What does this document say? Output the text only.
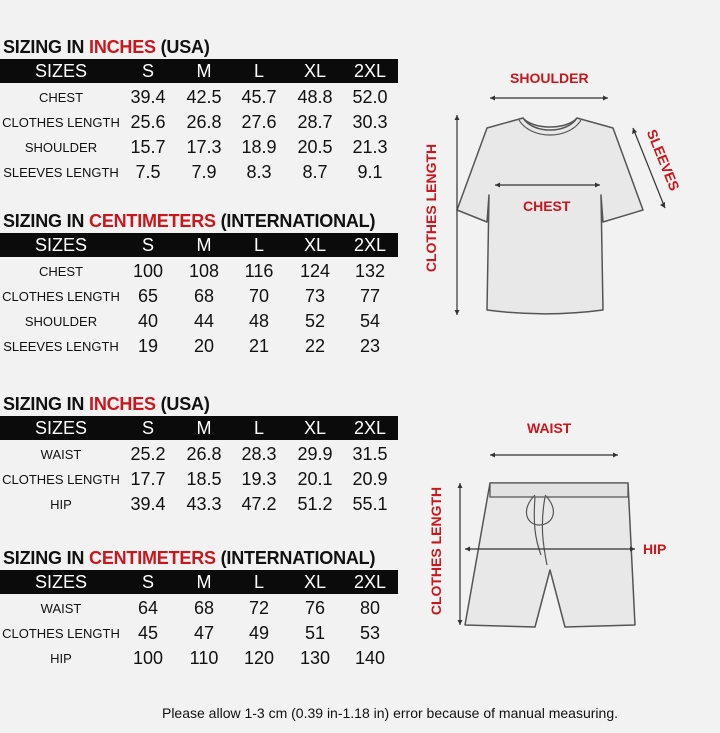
SIZING IN INCHES (USA)
SIZES	S	M	L	XL	2XL
CHEST	39.4	42.5	45.7	48.8	52.0
CLOTHES LENGTH 25.6	26.8	27.6	28.7	30.3
SHOULDER	15.7	17.3	18.9	20.5	21.3
SLEEVES LENGTH 7.5	7.9	8.3	8.7	9.1
SIZING IN CENTIMETERS (INTERNATIONAL)
SIZES	S	M	L	XL	2XL
CHEST	100	108	116	124	132
CLOTHES LENGTH	65	68	70	73	77
SHOULDER	40	44	48	52	54
SLEEVES LENGTH	19	20	21	22	23
SIZING IN INCHES (USA)
SIZES	S	M	L	XL	2XL
WAIST	25.2	26.8	28.3	29.9	31.5
CLOTHES LENGTH 17.7	18.5	19.3	20.1	20.9
HIP	39.4	43.3	47.2	51.2	55.1
SIZING IN CENTIMETERS (INTERNATIONAL)
SIZES	S	M	L	XL	2XL
WAIST	64	68	72	76	80
CLOTHES LENGTH	45	47	49	51	53
HIP	100	110	120	130	140
SHOULDER
CHEST
SLEEVES
CLOTHES LENGTH
WAIST
HIP
CLOTHES LENGTH
Please allow 1-3 cm (0.39 in-1.18 in) error because of manual measuring.
